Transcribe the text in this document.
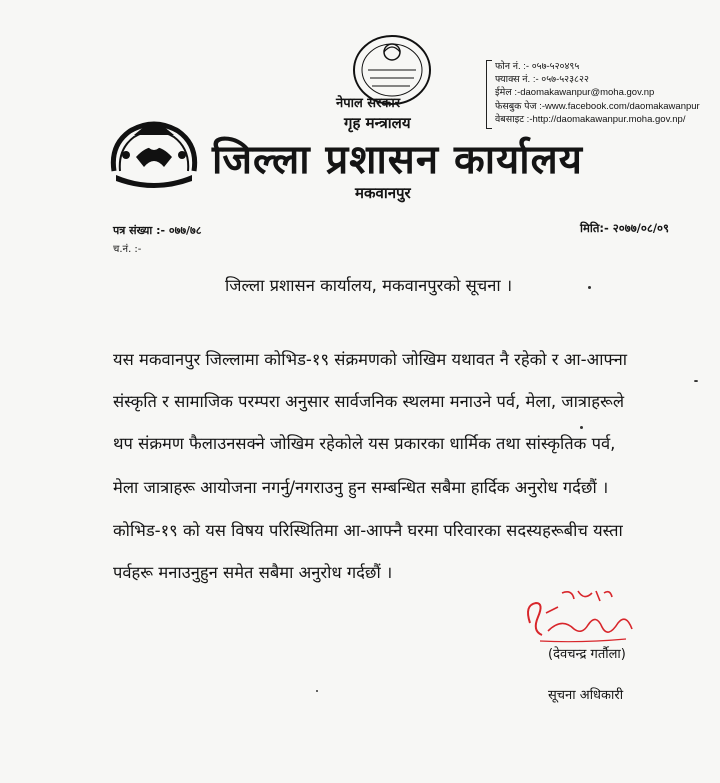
नेपाल सरकार
गृह मन्त्रालय
फोन नं. :- ०५७-५२०४९५
फ्याक्स नं. :- ०५७-५२३८२२
ईमेल :-daomakawanpur@moha.gov.np
फेसबुक पेज :-www.facebook.com/daomakawanpur
वेबसाइट :-http://daomakawanpur.moha.gov.np/
जिल्ला प्रशासन कार्यालय
मकवानपुर
पत्र संख्या :- ०७७/७८
च.नं. :-
मिति:- २०७७/०८/०९
जिल्ला प्रशासन कार्यालय, मकवानपुरको सूचना ।
यस मकवानपुर जिल्लामा कोभिड-१९ संक्रमणको जोखिम यथावत नै रहेको र आ-आफ्ना
संस्कृति र सामाजिक परम्परा अनुसार सार्वजनिक स्थलमा मनाउने पर्व, मेला, जात्राहरूले
थप संक्रमण फैलाउनसक्ने जोखिम रहेकोले यस प्रकारका धार्मिक तथा सांस्कृतिक पर्व,
मेला जात्राहरू आयोजना नगर्नु/नगराउनु हुन सम्बन्धित सबैमा हार्दिक अनुरोध गर्दछौं ।
कोभिड-१९ को यस विषय परिस्थितिमा आ-आफ्नै घरमा परिवारका सदस्यहरूबीच यस्ता
पर्वहरू मनाउनुहुन समेत सबैमा अनुरोध गर्दछौं ।
(देवचन्द्र गर्तौला)
सूचना अधिकारी
